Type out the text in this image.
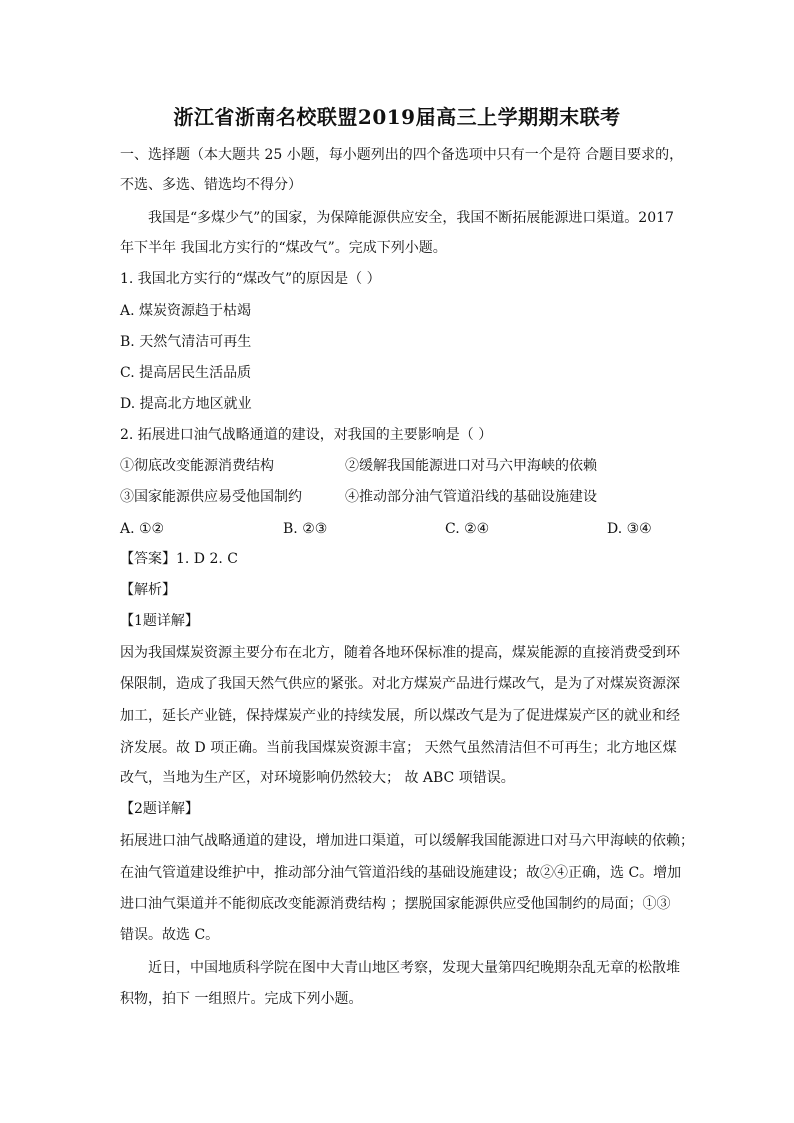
浙江省浙南名校联盟2019届高三上学期期末联考
一、选择题（本大题共 25 小题，每小题列出的四个备选项中只有一个是符 合题目要求的，
不选、多选、错选均不得分）
我国是“多煤少气”的国家，为保障能源供应安全，我国不断拓展能源进口渠道。2017
年下半年 我国北方实行的“煤改气”。完成下列小题。
1. 我国北方实行的“煤改气”的原因是（ ）
A. 煤炭资源趋于枯竭
B. 天然气清洁可再生
C. 提高居民生活品质
D. 提高北方地区就业
2. 拓展进口油气战略通道的建设，对我国的主要影响是（ ）
①彻底改变能源消费结构	②缓解我国能源进口对马六甲海峡的依赖
③国家能源供应易受他国制约	④推动部分油气管道沿线的基础设施建设
A. ①②	B. ②③	C. ②④	D. ③④
【答案】1. D 2. C
【解析】
【1题详解】
因为我国煤炭资源主要分布在北方，随着各地环保标准的提高，煤炭能源的直接消费受到环
保限制，造成了我国天然气供应的紧张。对北方煤炭产品进行煤改气，是为了对煤炭资源深
加工，延长产业链，保持煤炭产业的持续发展，所以煤改气是为了促进煤炭产区的就业和经
济发展。故 D 项正确。当前我国煤炭资源丰富； 天然气虽然清洁但不可再生；北方地区煤
改气，当地为生产区，对环境影响仍然较大； 故 ABC 项错误。
【2题详解】
拓展进口油气战略通道的建设，增加进口渠道，可以缓解我国能源进口对马六甲海峡的依赖；
在油气管道建设维护中，推动部分油气管道沿线的基础设施建设；故②④正确，选 C。增加
进口油气渠道并不能彻底改变能源消费结构 ；摆脱国家能源供应受他国制约的局面；①③
错误。故选 C。
近日，中国地质科学院在图中大青山地区考察，发现大量第四纪晚期杂乱无章的松散堆
积物，拍下 一组照片。完成下列小题。
